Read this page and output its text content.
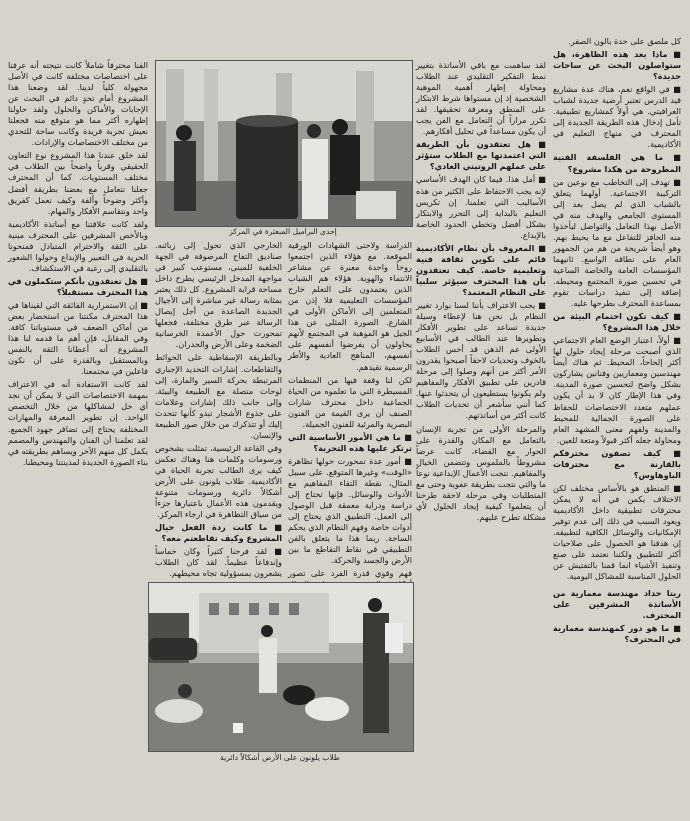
كل ملصق على حدة بالون الصفر.

■ ماذا بعد هذه الظاهرة، هل ستواصلون البحث عن ساحات جديدة؟

■ في الواقع نعم، هناك عدة مشاريع قيد الدرس تعتبر أرضية جديدة لشباب الغرافيتي. هي أولاً كمشاريع تطبيقية. تأمل إدخال هذه الطريقة الجديدة إلى المحترف في منهاج التعليم في الأكاديمية.

■ ما هي الفلسفة الفنية المطروحة من هكذا مشروع؟

■ تهدف إلى التخاطب مع نوعين من التركيبة الاجتماعية. أولهما يتعلق بالشباب الذي لم يصل بعد إلى المستوى الجامعي والهدف منه في الأصل بهذا التعامل والتواصل ليأخذوا منه الحافز للتفاعل مع ما يحيط بهم. وهو أيضاً شريحة من هم من الجمهور العام على نطاقه الواسع. ثانيهما المؤسسات العامة والخاصة الساعية في تحسين صورة المجتمع ومحيطه. إضافة إلى تنفيذ دراسات تقوم بمساعدة المحترف بطرحها عليه.

■ كيف تكون احتمام البيئة من خلال هذا المشروع؟

■ أولاً، اعتبار الوضع العام الاجتماعي الذي أصبحت مرحلة إيجاد حلول لها أكثر إلحاحاً، المحيط. ثم هناك أيضاً مهندسين ومعماريين وفنانين يشاركون بشكل واضح لتحسين صورة المدينة. وفي هذا الإطار كان لا بد أن يكون عملهم متعدد الاختصاصات للحفاظ على الصورة الجمالية للمحيط والمدينة ولفهم معنى المشهد العام ومحاولة جعله أكثر قبولاً ومتعة للعين.

■ كيف تصفون محترفكم بالقارنة مع محترفات الباوهاوس؟

■ المنطق هو بالأساس مختلف لكن الاختلاف يكمن في أنه لا يمكن محترفات تطبيقية داخل الأكاديمية ويعود السبب في ذلك إلى عدم توفير الإمكانيات والوسائل الكافية لتطبيقه. إن هدفنا هو الحصول على صلاحيات أكثر للتطبيق ولكننا نعتمد على صنع وتنفيذ الأشياء انما قمنا بالتفتيش عن الحلول المناسبة للمشاكل اليومية.

ريتا حداد مهندسة معمارية من الأساتذة المشرفين على المحترف.

■ ما هو دور كمهندسة معمارية في المحترف؟

لقد ساهمت مع باقي الأساتذة بتغيير نمط التفكير التقليدي عند الطلاب ومحاولة إظهار أهمية الموهبة الشخصية إذ إن مستواها شرط الابتكار على المنطق ومعرفة تحقيقها. لقد تكرر مراراً أن التعامل مع الفن يجب أن يكون مساعداً في تحليل أفكارهم.

■ هل تعتقدون بأن الطريقة التي اعتمدتها مع الطلاب ستؤثر على عملهم الروتيني العادي؟

■ أمل هذا. فيما كان الهدف الأساسي لإنه يجب الاحتفاظ على الكثير من هذه الأساليب التي تعلمنا. إن تكريس التعليم بالبداية إلى التحرر والابتكار بشكل أفضل وتخطي الحدود الخاصة بالإبداع.

■ المعروف بأن نظام الأكاديمية قائم على تكوين ثقافة فنية وتعليمية خاصة. كيف تعتقدون بأن هذا المحترف سيؤثر سلبياً على النظام المعتمد؟

■ يجب الاعتراف بأننا لسنا بوارد تغيير النظام بل نحن هنا لإعطاء وسيلة جديدة تساعد على تطوير الأفكار وتطويرها عند الطالب في الأسابيع الأولى عم الذهن قد أحس الطلاب بالخوف وتحديات لاحقاً أصبحوا يقدرون الأمر أكثر من أنهم وصلوا إلى مرحلة قادرين على تطبيق الأفكار والمفاهيم ولم يكونوا يستطيعون أن يتحدثوا عنها. كما أنني سأشعر أن تحديات الطلاب كانت أكثر من أساتذتهم.

والمرحلة الأولى من تجربة الإنسان بالتعامل مع المكان والقدرة على الحوار مع الفضاء، كانت عرضاً مشروطاً بالملموس وتتضمن الخيال والمفاهيم. نتجت الأعمال الإبداعية نوعاً ما والتي نتجت بطريقة عفوية وحتى مع المتطلبات وفي مرحلة لاحقة طرحنا أن يتعلموا كيفية إيجاد الحلول لأي مشكلة تطرح عليهم.

إحدى البراميل المبعثرة في المركز

الدراسة ولاحتى الشهادات الورقية الموقعة. مع هؤلاء الذين اجتمعوا روحاً واحدة معبرة عن مشاعر الانتماء والهوية. هؤلاء هم الشباب الذين يعتمدون على التعلم خارج المؤسسات التعليمية فلا إذن من المتعلمين إلى الأماكن الأولى في الشارع. الصورة المثلى عن هذا الجيل هو الموهبة في المجتمع لأنهم يحاولون أن يفرضوا أنفسهم على أنفسهم، المناهج العادية والأطر الرسمية تقيدهم.

لكن لنا وقفة فيها من المنظمات المسيطرة التي ما تعلموه من الحياة الجماعية داخل محترف شارات الصنف أن يرى القيمة من الفنون البصرية والمرئية للفنون الجميلة.

■ ما هي الأمور الأساسية التي ترتكز عليها هذه التجربة؟

■ أمور عدة تمحورت حولها تظاهرة «الوقت» وغيرها المتوقع. على سبيل المثال، نقطة التقاء المفاهيم مع الأدوات والوسائل. فإنها تحتاج إلى دراسة ودراية معمقة قبل الوصول إلى العمل. التطبيق الذي يحتاج إلى أدوات خاصة وفهم النظام الذي يحكم الساحة. ربما هذا ما يتعلق بالفن التطبيقي في نقاط التقاطع ما بين الأرض والجسد والحركة.

فهم وقوي قدرة الفرد على تصور

الخارجي الذي تحول إلى زبائنه. صناديق التفاح المرصوفة في الجهة الخلفية للمبنى، مستوعب كبير في مواجهة المدخل الرئيسي يطرح داخل مساحة قرابة المشروع. كل ذلك يعتبر بمثابة رسالة غير مباشرة إلى الأجيال الجديدة الصاعدة من أجل إيصال الرسالة عبر طرق مختلفة، فجعلها تمحورت حول الأعمدة الخرسانية الضخمة وعلى الأرض والجدران.

وبالطريقة الإسقاطية على الحوائط والتقاطعات. إشارات التحديد الإجباري المرتبطة بحركة السير والمارة، إلى لوحات متصلة مع الطبيعة والبيئة. وإلى جانب ذلك إشارات وعلامات على جذوع الأشجار تبدو كأنها تتحدث إليك أو تتذكرك من خلال صور الطبيعة والإنسان.

وفي القاعة الرئيسية، تمثلت بشخوص ورسومات وكلمات هنا وهناك تعكس كيف يرى الطالب تجربة الحياة في الأكاديمية. طلاب يلونون على الأرض أشكالاً دائرية ورسومات متنوعة ويقدمون هذه الأعمال باعتبارها جزءاً من سياق التظاهرة في ارجاء المركز.

■ ما كانت ردة الفعل حيال المشروع وكيف تقاطعتم معه؟

■ لقد فرحنا كثيراً وكان حماساً وإندفاعاً عظيماً. لقد كان الطلاب يشعرون بمسؤولية تجاه محيطهم.

الفنا محترفاً شاملاً كانت نتيجته أنه عرفنا على اختصاصات مختلفة كانت في الأصل مجهولة كلياً لدينا. لقد وضعنا هذا المشروع أمام تحدٍ دائم في البحث عن الإجابات والأماكن والحلول ولقد حاولنا إظهاره أكثر مما هو متوقع منه فجعلنا نعيش تجربة فريدة وكانت ساحة للتحدي من مختلف الاختصاصات والإرادات.

لقد خلق عندنا هذا المشروع نوع التعاون الحقيقي وقرباً واضحاً بين الطلاب في مختلف المستويات. كما أن المحترف جعلنا نتعامل مع بعضنا بطريقة أفضل وأكثر وضوحاً وألفة وكيف نعمل كفريق واحد ونتقاسم الأفكار والمهام.

ولقد كانت علاقتنا مع أساتذة الأكاديمية وبالأخص المشرفين على المحترف مبنية على الثقة والاحترام المتبادل فمنحونا الحرية في التعبير والإبداع وحولوا الشعور بالتقليدي إلى رغبة في الاستكشاف.

■ هل تعتقدون بأنكم ستكملون في هذا المحترف مستقبلاً؟

■ إن الاستمرارية الفائقة التي لقيناها في هذا المحترف مكنتنا من استحضار بعض من أماكن الضعف في مستوياتنا كافة. وفي المقابل، فإن أهم ما قدمه لنا هذا المشروع أنه أعطانا الثقة بالنفس وبالمستقبل وبالقدرة على أن نكون فاعلين في مجتمعنا.

لقد كانت الاستفادة أنه في الاعتراف بمهمة الاختصاصات التي لا يمكن أن نجد أي حل لمشاكلها من خلال التخصص الواحد. إن تطوير المعرفة والمهارات المختلفة يحتاج إلى تضافر جهود الجميع. لقد تعلمنا أن الفنان والمهندس والمصمم يكمل كل منهم الآخر ويساهم بطريقته في بناء الصورة الجديدة لمدينتنا ومحيطنا.

طلاب يلونون على الأرض أشكالاً دائرية
